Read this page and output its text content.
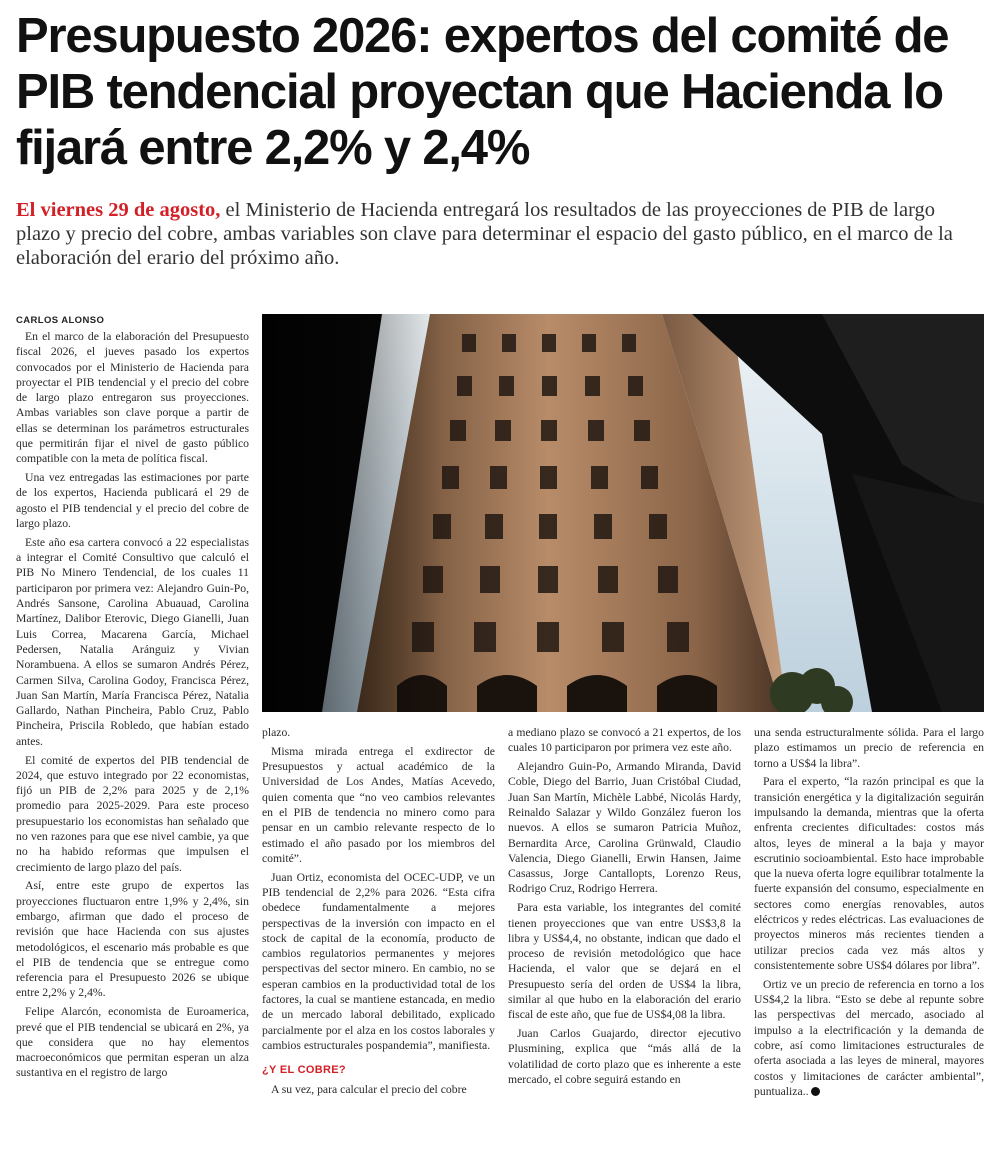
Presupuesto 2026: expertos del comité de PIB tendencial proyectan que Hacienda lo fijará entre 2,2% y 2,4%

El viernes 29 de agosto, el Ministerio de Hacienda entregará los resultados de las proyecciones de PIB de largo plazo y precio del cobre, ambas variables son clave para determinar el espacio del gasto público, en el marco de la elaboración del erario del próximo año.

CARLOS ALONSO

En el marco de la elaboración del Presupuesto fiscal 2026, el jueves pasado los expertos convocados por el Ministerio de Hacienda para proyectar el PIB tendencial y el precio del cobre de largo plazo entregaron sus proyecciones. Ambas variables son clave porque a partir de ellas se determinan los parámetros estructurales que permitirán fijar el nivel de gasto público compatible con la meta de política fiscal.

Una vez entregadas las estimaciones por parte de los expertos, Hacienda publicará el 29 de agosto el PIB tendencial y el precio del cobre de largo plazo.

Este año esa cartera convocó a 22 especialistas a integrar el Comité Consultivo que calculó el PIB No Minero Tendencial, de los cuales 11 participaron por primera vez: Alejandro Guin-Po, Andrés Sansone, Carolina Abuauad, Carolina Martínez, Dalibor Eterovic, Diego Gianelli, Juan Luis Correa, Macarena García, Michael Pedersen, Natalia Aránguiz y Vivian Norambuena. A ellos se sumaron Andrés Pérez, Carmen Silva, Carolina Godoy, Francisca Pérez, Juan San Martín, María Francisca Pérez, Natalia Gallardo, Nathan Pincheira, Pablo Cruz, Pablo Pincheira, Priscila Robledo, que habían estado antes.

El comité de expertos del PIB tendencial de 2024, que estuvo integrado por 22 economistas, fijó un PIB de 2,2% para 2025 y de 2,1% promedio para 2025-2029. Para este proceso presupuestario los economistas han señalado que no ven razones para que ese nivel cambie, ya que no ha habido reformas que impulsen el crecimiento de largo plazo del país.

Así, entre este grupo de expertos las proyecciones fluctuaron entre 1,9% y 2,4%, sin embargo, afirman que dado el proceso de revisión que hace Hacienda con sus ajustes metodológicos, el escenario más probable es que el PIB de tendencia que se entregue como referencia para el Presupuesto 2026 se ubique entre 2,2% y 2,4%.

Felipe Alarcón, economista de Euroamerica, prevé que el PIB tendencial se ubicará en 2%, ya que considera que no hay elementos macroeconómicos que permitan esperan un alza sustantiva en el registro de largo

plazo.

Misma mirada entrega el exdirector de Presupuestos y actual académico de la Universidad de Los Andes, Matías Acevedo, quien comenta que “no veo cambios relevantes en el PIB de tendencia no minero como para pensar en un cambio relevante respecto de lo estimado el año pasado por los miembros del comité”.

Juan Ortiz, economista del OCEC-UDP, ve un PIB tendencial de 2,2% para 2026. “Esta cifra obedece fundamentalmente a mejores perspectivas de la inversión con impacto en el stock de capital de la economía, producto de cambios regulatorios permanentes y mejores perspectivas del sector minero. En cambio, no se esperan cambios en la productividad total de los factores, la cual se mantiene estancada, en medio de un mercado laboral debilitado, explicado parcialmente por el alza en los costos laborales y cambios estructurales pospandemia”, manifiesta.

¿Y EL COBRE?

A su vez, para calcular el precio del cobre

a mediano plazo se convocó a 21 expertos, de los cuales 10 participaron por primera vez este año.

Alejandro Guin-Po, Armando Miranda, David Coble, Diego del Barrio, Juan Cristóbal Ciudad, Juan San Martín, Michèle Labbé, Nicolás Hardy, Reinaldo Salazar y Wildo González fueron los nuevos. A ellos se sumaron Patricia Muñoz, Bernardita Arce, Carolina Grünwald, Claudio Valencia, Diego Gianelli, Erwin Hansen, Jaime Casassus, Jorge Cantallopts, Lorenzo Reus, Rodrigo Cruz, Rodrigo Herrera.

Para esta variable, los integrantes del comité tienen proyecciones que van entre US$3,8 la libra y US$4,4, no obstante, indican que dado el proceso de revisión metodológico que hace Hacienda, el valor que se dejará en el Presupuesto sería del orden de US$4 la libra, similar al que hubo en la elaboración del erario fiscal de este año, que fue de US$4,08 la libra.

Juan Carlos Guajardo, director ejecutivo Plusmining, explica que “más allá de la volatilidad de corto plazo que es inherente a este mercado, el cobre seguirá estando en

una senda estructuralmente sólida. Para el largo plazo estimamos un precio de referencia en torno a US$4 la libra”.

Para el experto, “la razón principal es que la transición energética y la digitalización seguirán impulsando la demanda, mientras que la oferta enfrenta crecientes dificultades: costos más altos, leyes de mineral a la baja y mayor escrutinio socioambiental. Esto hace improbable que la nueva oferta logre equilibrar totalmente la fuerte expansión del consumo, especialmente en sectores como energías renovables, autos eléctricos y redes eléctricas. Las evaluaciones de proyectos mineros más recientes tienden a utilizar precios cada vez más altos y consistentemente sobre US$4 dólares por libra”.

Ortiz ve un precio de referencia en torno a los US$4,2 la libra. “Esto se debe al repunte sobre las perspectivas del mercado, asociado al impulso a la electrificación y la demanda de cobre, así como limitaciones estructurales de oferta asociada a las leyes de mineral, mayores costos y limitaciones de carácter ambiental”, puntualiza..
